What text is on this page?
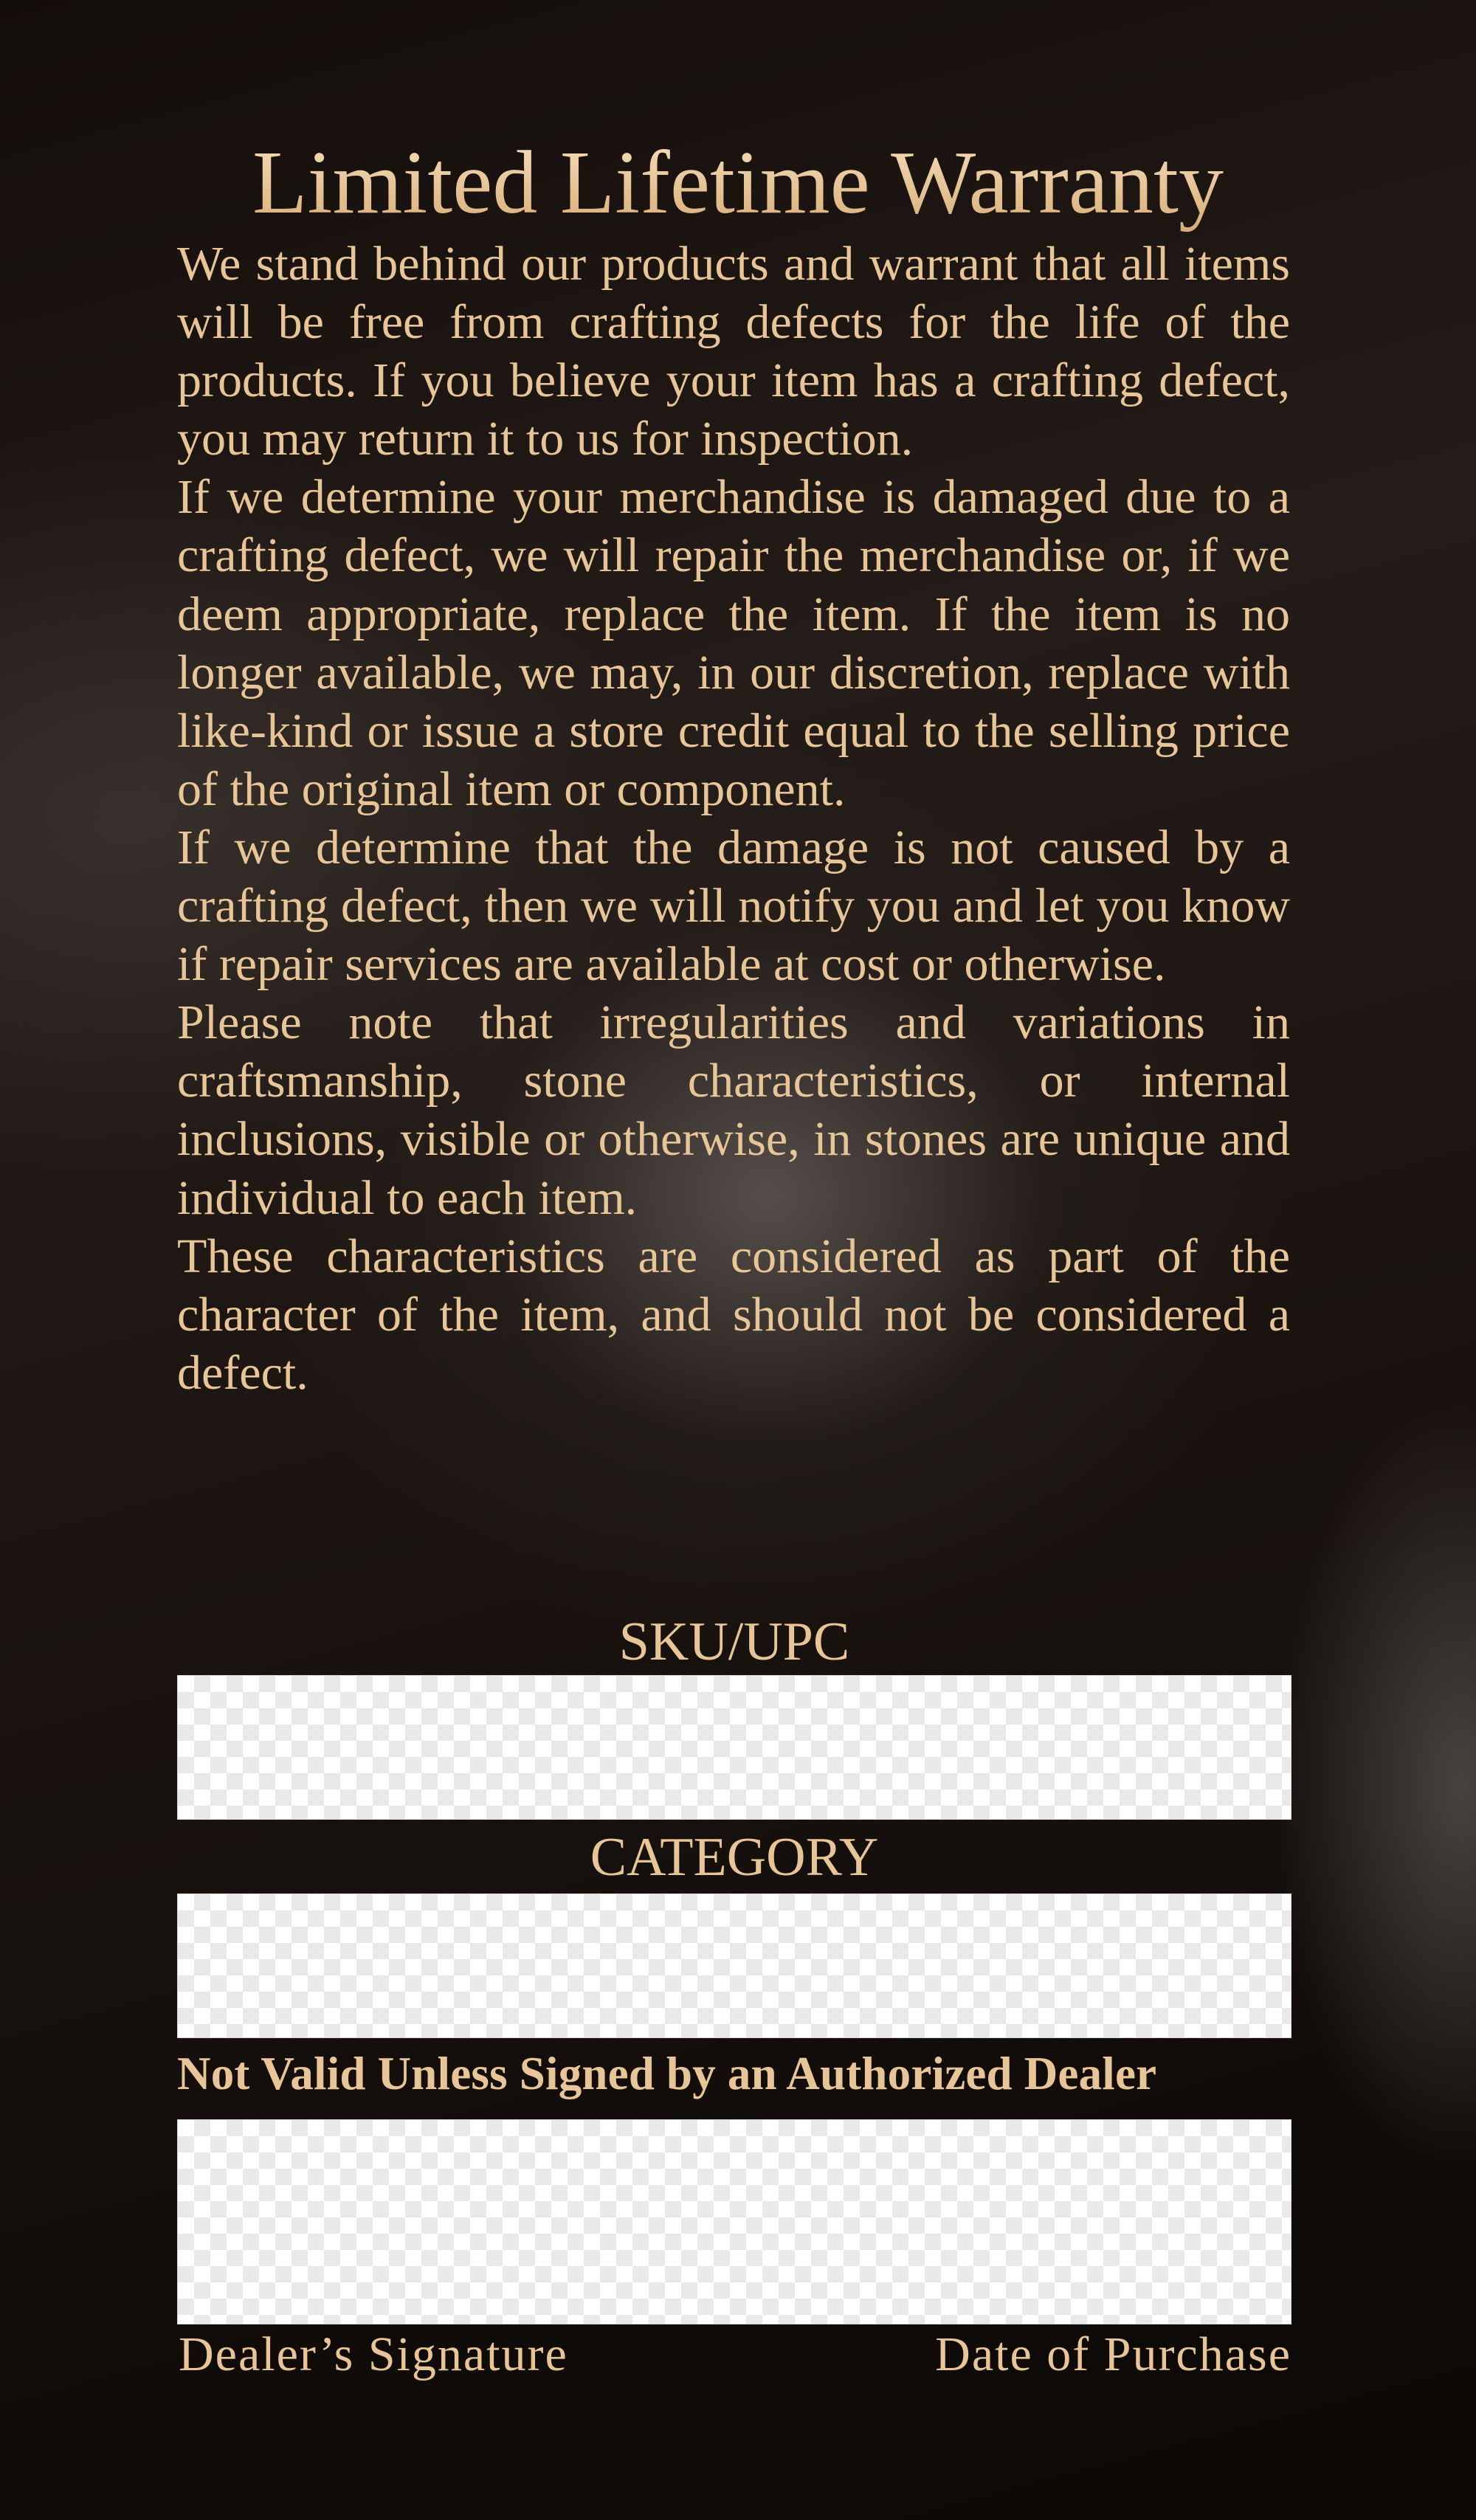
Limited Lifetime Warranty

We stand behind our products and warrant that all items will be free from crafting defects for the life of the products. If you believe your item has a crafting defect, you may return it to us for inspection.

If we determine your merchandise is damaged due to a crafting defect, we will repair the merchandise or, if we deem appropriate, replace the item. If the item is no longer available, we may, in our discretion, replace with like-kind or issue a store credit equal to the selling price of the original item or component.

If we determine that the damage is not caused by a crafting defect, then we will notify you and let you know if repair services are available at cost or otherwise.

Please note that irregularities and variations in craftsmanship, stone characteristics, or internal inclusions, visible or otherwise, in stones are unique and individual to each item.

These characteristics are considered as part of the character of the item, and should not be considered a defect.

SKU/UPC
CATEGORY
Not Valid Unless Signed by an Authorized Dealer
Dealer’s Signature	Date of Purchase
